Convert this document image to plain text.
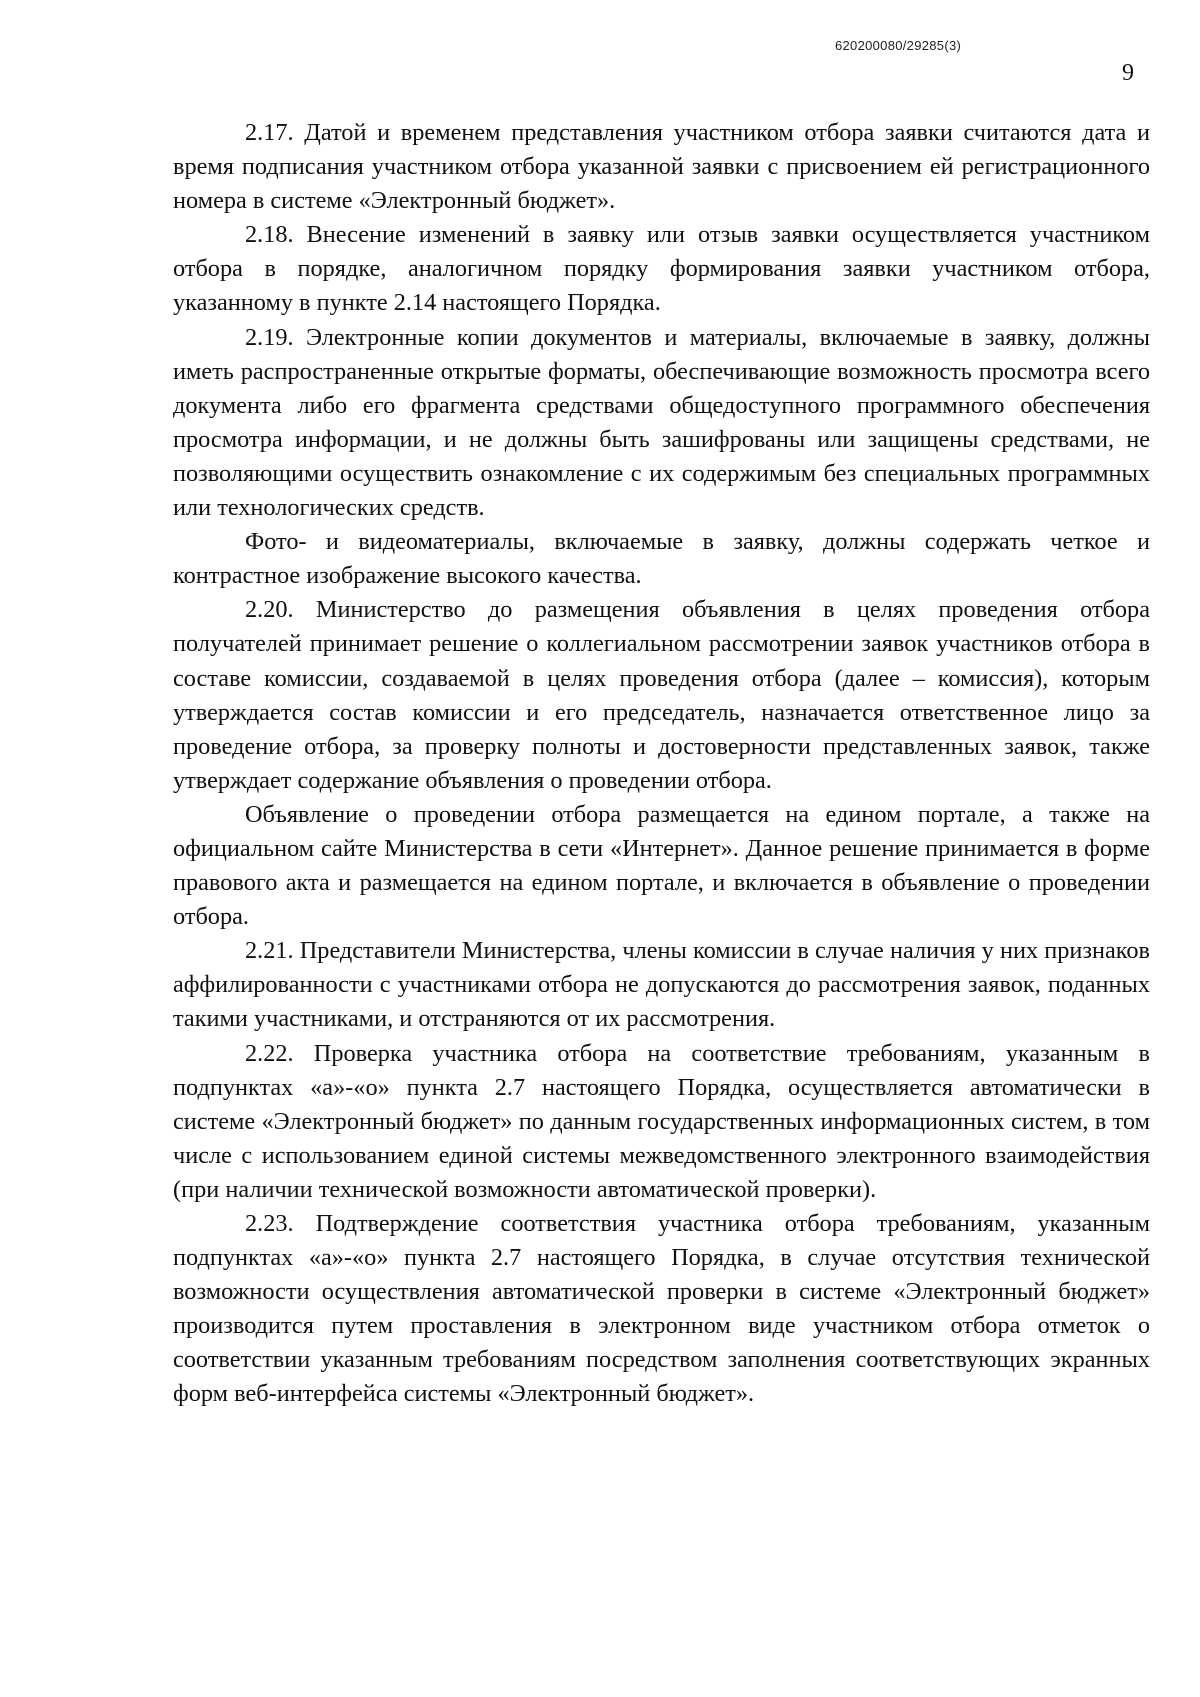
620200080/29285(3)
9

2.17. Датой и временем представления участником отбора заявки считаются дата и время подписания участником отбора указанной заявки с присвоением ей регистрационного номера в системе «Электронный бюджет».

2.18. Внесение изменений в заявку или отзыв заявки осуществляется участником отбора в порядке, аналогичном порядку формирования заявки участником отбора, указанному в пункте 2.14 настоящего Порядка.

2.19. Электронные копии документов и материалы, включаемые в заявку, должны иметь распространенные открытые форматы, обеспечивающие возможность просмотра всего документа либо его фрагмента средствами общедоступного программного обеспечения просмотра информации, и не должны быть зашифрованы или защищены средствами, не позволяющими осуществить ознакомление с их содержимым без специальных программных или технологических средств.

Фото- и видеоматериалы, включаемые в заявку, должны содержать четкое и контрастное изображение высокого качества.

2.20. Министерство до размещения объявления в целях проведения отбора получателей принимает решение о коллегиальном рассмотрении заявок участников отбора в составе комиссии, создаваемой в целях проведения отбора (далее – комиссия), которым утверждается состав комиссии и его председатель, назначается ответственное лицо за проведение отбора, за проверку полноты и достоверности представленных заявок, также утверждает содержание объявления о проведении отбора.

Объявление о проведении отбора размещается на едином портале, а также на официальном сайте Министерства в сети «Интернет». Данное решение принимается в форме правового акта и размещается на едином портале, и включается в объявление о проведении отбора.

2.21. Представители Министерства, члены комиссии в случае наличия у них признаков аффилированности с участниками отбора не допускаются до рассмотрения заявок, поданных такими участниками, и отстраняются от их рассмотрения.

2.22. Проверка участника отбора на соответствие требованиям, указанным в подпунктах «а»-«о» пункта 2.7 настоящего Порядка, осуществляется автоматически в системе «Электронный бюджет» по данным государственных информационных систем, в том числе с использованием единой системы межведомственного электронного взаимодействия (при наличии технической возможности автоматической проверки).

2.23. Подтверждение соответствия участника отбора требованиям, указанным подпунктах «а»-«о» пункта 2.7 настоящего Порядка, в случае отсутствия технической возможности осуществления автоматической проверки в системе «Электронный бюджет» производится путем проставления в электронном виде участником отбора отметок о соответствии указанным требованиям посредством заполнения соответствующих экранных форм веб-интерфейса системы «Электронный бюджет».
